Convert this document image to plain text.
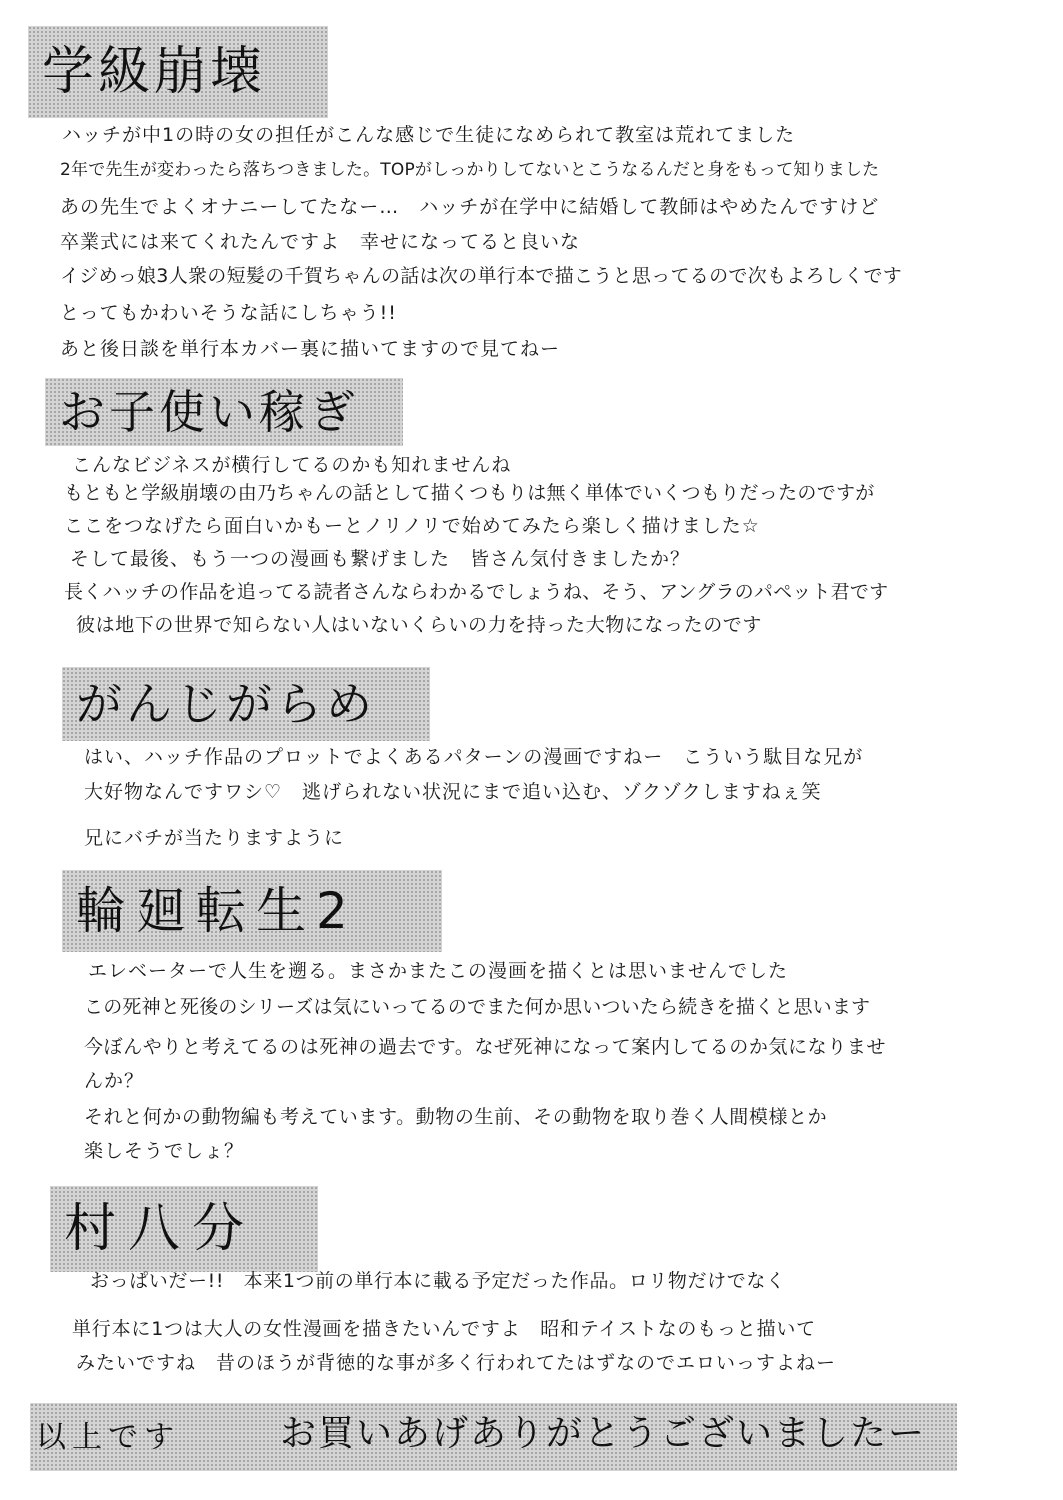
学級崩壊
ハッチが中1の時の女の担任がこんな感じで生徒になめられて教室は荒れてました
2年で先生が変わったら落ちつきました。TOPがしっかりしてないとこうなるんだと身をもって知りました
あの先生でよくオナニーしてたなー…　ハッチが在学中に結婚して教師はやめたんですけど
卒業式には来てくれたんですよ　幸せになってると良いな
イジめっ娘3人衆の短髪の千賀ちゃんの話は次の単行本で描こうと思ってるので次もよろしくです
とってもかわいそうな話にしちゃう!!
あと後日談を単行本カバー裏に描いてますので見てねー
お子使い稼ぎ
こんなビジネスが横行してるのかも知れませんね
もともと学級崩壊の由乃ちゃんの話として描くつもりは無く単体でいくつもりだったのですが
ここをつなげたら面白いかもーとノリノリで始めてみたら楽しく描けました☆
そして最後、もう一つの漫画も繋げました　皆さん気付きましたか？
長くハッチの作品を追ってる読者さんならわかるでしょうね、そう、アングラのパペット君です
彼は地下の世界で知らない人はいないくらいの力を持った大物になったのです
がんじがらめ
はい、ハッチ作品のプロットでよくあるパターンの漫画ですねー　こういう駄目な兄が
大好物なんですワシ♡　逃げられない状況にまで追い込む、ゾクゾクしますねぇ笑
兄にバチが当たりますように
輪廻転生2
エレベーターで人生を遡る。まさかまたこの漫画を描くとは思いませんでした
この死神と死後のシリーズは気にいってるのでまた何か思いついたら続きを描くと思います
今ぼんやりと考えてるのは死神の過去です。なぜ死神になって案内してるのか気になりませ
んか？
それと何かの動物編も考えています。動物の生前、その動物を取り巻く人間模様とか
楽しそうでしょ？
村八分
おっぱいだー!!　本来1つ前の単行本に載る予定だった作品。ロリ物だけでなく
単行本に1つは大人の女性漫画を描きたいんですよ　昭和テイストなのもっと描いて
みたいですね　昔のほうが背徳的な事が多く行われてたはずなのでエロいっすよねー
以上です	お買いあげありがとうございましたー
